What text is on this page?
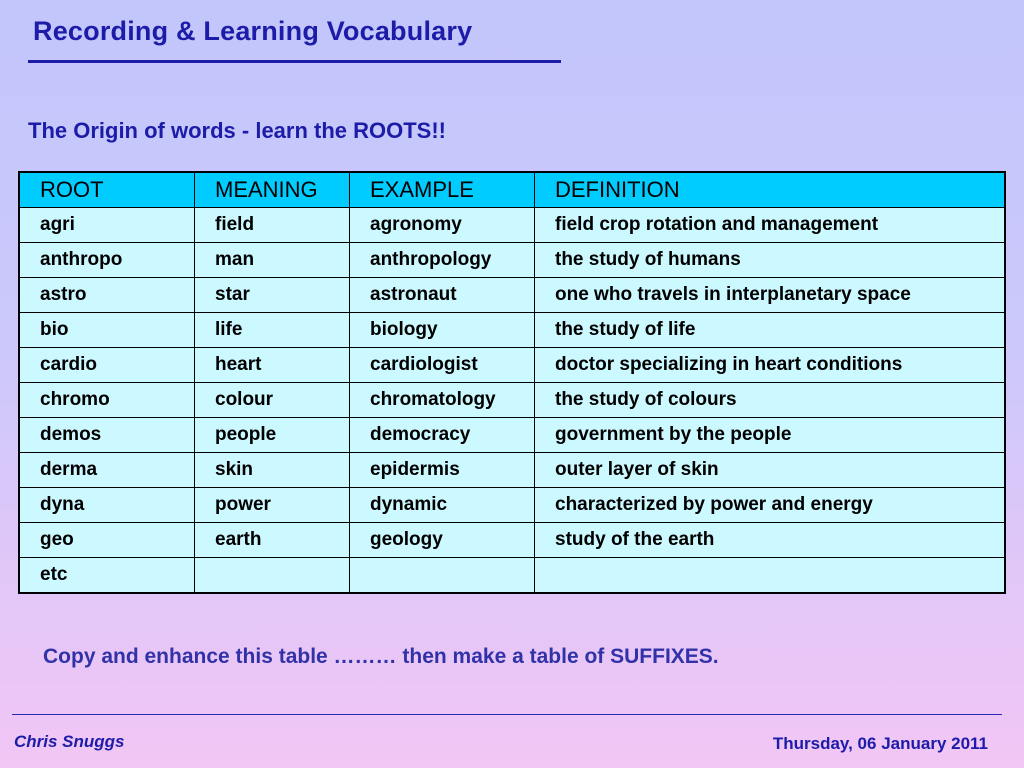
Recording & Learning Vocabulary
The Origin of words - learn the ROOTS!!
ROOT	MEANING	EXAMPLE	DEFINITION
agri	field	agronomy	field crop rotation and management
anthropo	man	anthropology	the study of humans
astro	star	astronaut	one who travels in interplanetary space
bio	life	biology	the study of life
cardio	heart	cardiologist	doctor specializing in heart conditions
chromo	colour	chromatology	the study of colours
demos	people	democracy	government by the people
derma	skin	epidermis	outer layer of skin
dyna	power	dynamic	characterized by power and energy
geo	earth	geology	study of the earth
etc			

Copy and enhance this table ……… then make a table of SUFFIXES.

Chris Snuggs	Thursday, 06 January 2011
